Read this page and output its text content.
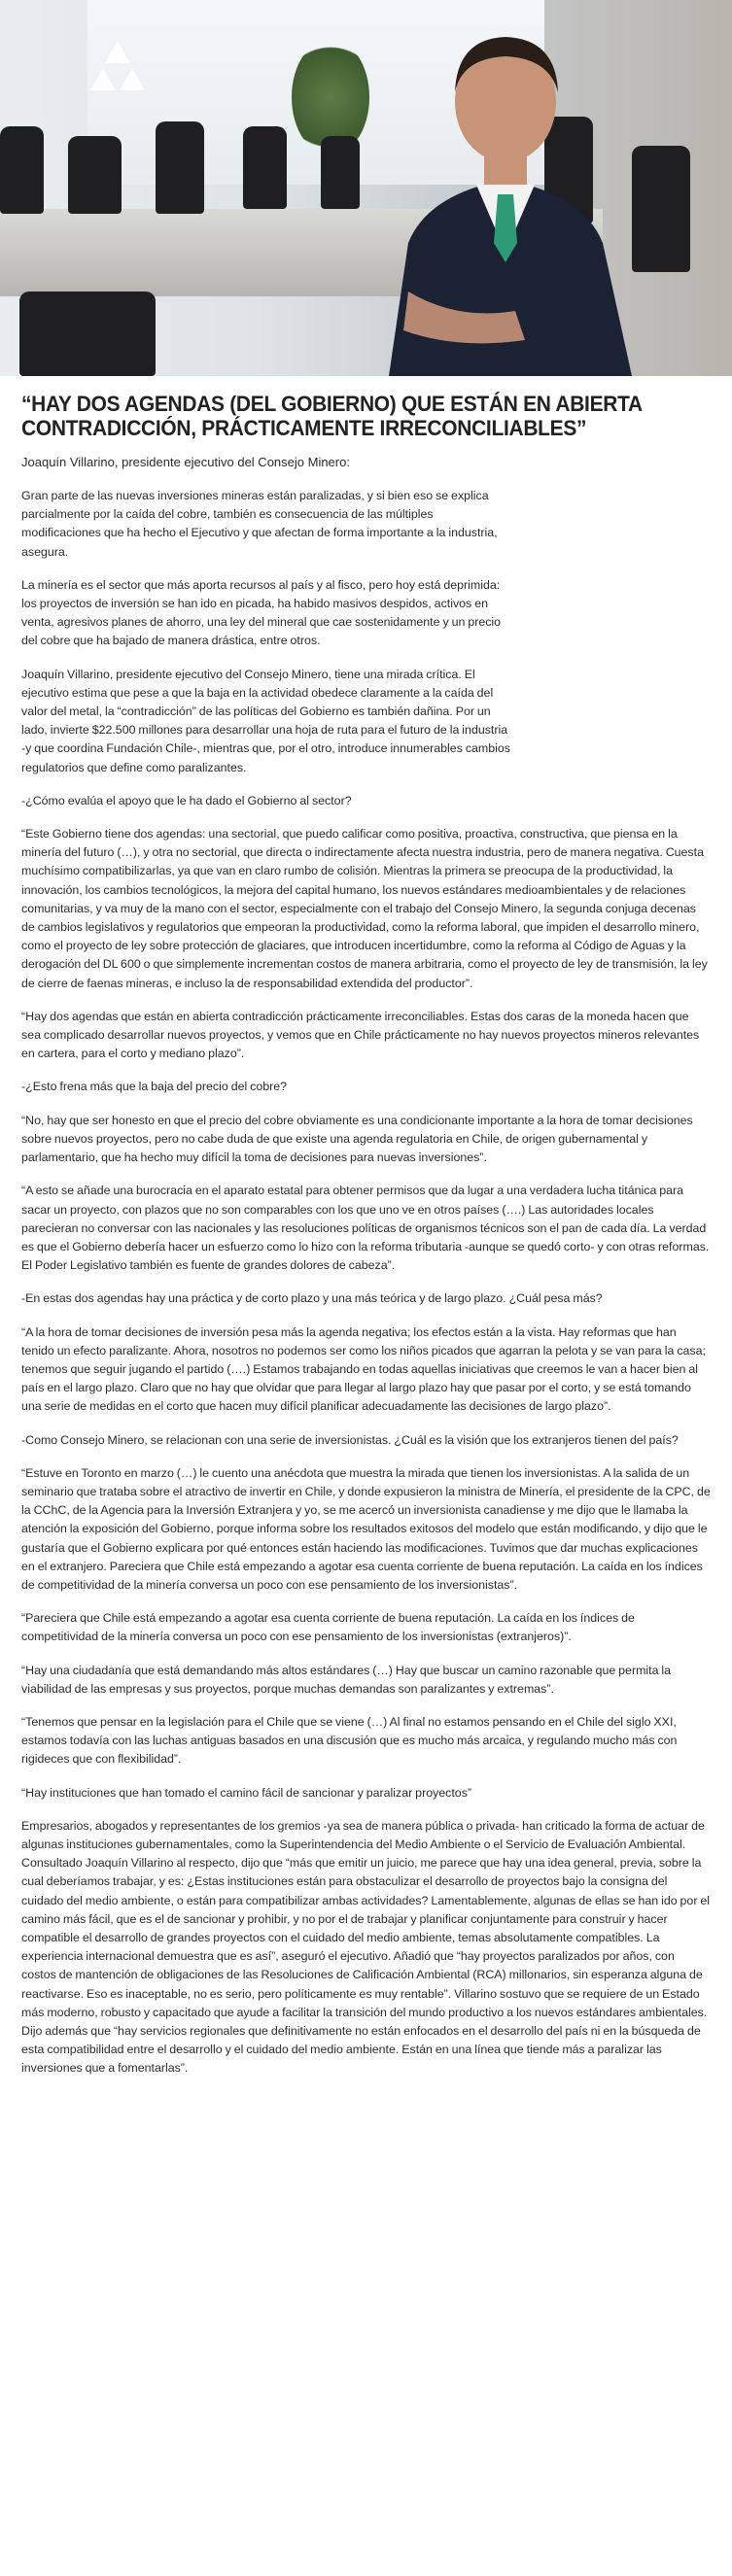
“HAY DOS AGENDAS (DEL GOBIERNO) QUE ESTÁN EN ABIERTA CONTRADICCIÓN, PRÁCTICAMENTE IRRECONCILIABLES”
Joaquín Villarino, presidente ejecutivo del Consejo Minero:

Gran parte de las nuevas inversiones mineras están paralizadas, y si bien eso se explica parcialmente por la caída del cobre, también es consecuencia de las múltiples modificaciones que ha hecho el Ejecutivo y que afectan de forma importante a la industria, asegura.

La minería es el sector que más aporta recursos al país y al fisco, pero hoy está deprimida: los proyectos de inversión se han ido en picada, ha habido masivos despidos, activos en venta, agresivos planes de ahorro, una ley del mineral que cae sostenidamente y un precio del cobre que ha bajado de manera drástica, entre otros.

Joaquín Villarino, presidente ejecutivo del Consejo Minero, tiene una mirada crítica. El ejecutivo estima que pese a que la baja en la actividad obedece claramente a la caída del valor del metal, la “contradicción” de las políticas del Gobierno es también dañina. Por un lado, invierte $22.500 millones para desarrollar una hoja de ruta para el futuro de la industria -y que coordina Fundación Chile-, mientras que, por el otro, introduce innumerables cambios regulatorios que define como paralizantes.

-¿Cómo evalúa el apoyo que le ha dado el Gobierno al sector?

“Este Gobierno tiene dos agendas: una sectorial, que puedo calificar como positiva, proactiva, constructiva, que piensa en la minería del futuro (…), y otra no sectorial, que directa o indirectamente afecta nuestra industria, pero de manera negativa. Cuesta muchísimo compatibilizarlas, ya que van en claro rumbo de colisión. Mientras la primera se preocupa de la productividad, la innovación, los cambios tecnológicos, la mejora del capital humano, los nuevos estándares medioambientales y de relaciones comunitarias, y va muy de la mano con el sector, especialmente con el trabajo del Consejo Minero, la segunda conjuga decenas de cambios legislativos y regulatorios que empeoran la productividad, como la reforma laboral, que impiden el desarrollo minero, como el proyecto de ley sobre protección de glaciares, que introducen incertidumbre, como la reforma al Código de Aguas y la derogación del DL 600 o que simplemente incrementan costos de manera arbitraria, como el proyecto de ley de transmisión, la ley de cierre de faenas mineras, e incluso la de responsabilidad extendida del productor”.

“Hay dos agendas que están en abierta contradicción prácticamente irreconciliables. Estas dos caras de la moneda hacen que sea complicado desarrollar nuevos proyectos, y vemos que en Chile prácticamente no hay nuevos proyectos mineros relevantes en cartera, para el corto y mediano plazo”.

-¿Esto frena más que la baja del precio del cobre?

“No, hay que ser honesto en que el precio del cobre obviamente es una condicionante importante a la hora de tomar decisiones sobre nuevos proyectos, pero no cabe duda de que existe una agenda regulatoria en Chile, de origen gubernamental y parlamentario, que ha hecho muy difícil la toma de decisiones para nuevas inversiones”.

“A esto se añade una burocracia en el aparato estatal para obtener permisos que da lugar a una verdadera lucha titánica para sacar un proyecto, con plazos que no son comparables con los que uno ve en otros países (….) Las autoridades locales parecieran no conversar con las nacionales y las resoluciones políticas de organismos técnicos son el pan de cada día. La verdad es que el Gobierno debería hacer un esfuerzo como lo hizo con la reforma tributaria -aunque se quedó corto- y con otras reformas. El Poder Legislativo también es fuente de grandes dolores de cabeza”.

-En estas dos agendas hay una práctica y de corto plazo y una más teórica y de largo plazo. ¿Cuál pesa más?

“A la hora de tomar decisiones de inversión pesa más la agenda negativa; los efectos están a la vista. Hay reformas que han tenido un efecto paralizante. Ahora, nosotros no podemos ser como los niños picados que agarran la pelota y se van para la casa; tenemos que seguir jugando el partido (….) Estamos trabajando en todas aquellas iniciativas que creemos le van a hacer bien al país en el largo plazo. Claro que no hay que olvidar que para llegar al largo plazo hay que pasar por el corto, y se está tomando una serie de medidas en el corto que hacen muy difícil planificar adecuadamente las decisiones de largo plazo”.

-Como Consejo Minero, se relacionan con una serie de inversionistas. ¿Cuál es la visión que los extranjeros tienen del país?

“Estuve en Toronto en marzo (…) le cuento una anécdota que muestra la mirada que tienen los inversionistas. A la salida de un seminario que trataba sobre el atractivo de invertir en Chile, y donde expusieron la ministra de Minería, el presidente de la CPC, de la CChC, de la Agencia para la Inversión Extranjera y yo, se me acercó un inversionista canadiense y me dijo que le llamaba la atención la exposición del Gobierno, porque informa sobre los resultados exitosos del modelo que están modificando, y dijo que le gustaría que el Gobierno explicara por qué entonces están haciendo las modificaciones. Tuvimos que dar muchas explicaciones en el extranjero. Pareciera que Chile está empezando a agotar esa cuenta corriente de buena reputación. La caída en los índices de competitividad de la minería conversa un poco con ese pensamiento de los inversionistas”.

“Pareciera que Chile está empezando a agotar esa cuenta corriente de buena reputación. La caída en los índices de competitividad de la minería conversa un poco con ese pensamiento de los inversionistas (extranjeros)”.

“Hay una ciudadanía que está demandando más altos estándares (…) Hay que buscar un camino razonable que permita la viabilidad de las empresas y sus proyectos, porque muchas demandas son paralizantes y extremas”.

“Tenemos que pensar en la legislación para el Chile que se viene (…) Al final no estamos pensando en el Chile del siglo XXI, estamos todavía con las luchas antiguas basados en una discusión que es mucho más arcaica, y regulando mucho más con rigideces que con flexibilidad”.

“Hay instituciones que han tomado el camino fácil de sancionar y paralizar proyectos”

Empresarios, abogados y representantes de los gremios -ya sea de manera pública o privada- han criticado la forma de actuar de algunas instituciones gubernamentales, como la Superintendencia del Medio Ambiente o el Servicio de Evaluación Ambiental. Consultado Joaquín Villarino al respecto, dijo que “más que emitir un juicio, me parece que hay una idea general, previa, sobre la cual deberíamos trabajar, y es: ¿Estas instituciones están para obstaculizar el desarrollo de proyectos bajo la consigna del cuidado del medio ambiente, o están para compatibilizar ambas actividades? Lamentablemente, algunas de ellas se han ido por el camino más fácil, que es el de sancionar y prohibir, y no por el de trabajar y planificar conjuntamente para construir y hacer compatible el desarrollo de grandes proyectos con el cuidado del medio ambiente, temas absolutamente compatibles. La experiencia internacional demuestra que es así”, aseguró el ejecutivo. Añadió que “hay proyectos paralizados por años, con costos de mantención de obligaciones de las Resoluciones de Calificación Ambiental (RCA) millonarios, sin esperanza alguna de reactivarse. Eso es inaceptable, no es serio, pero políticamente es muy rentable”. Villarino sostuvo que se requiere de un Estado más moderno, robusto y capacitado que ayude a facilitar la transición del mundo productivo a los nuevos estándares ambientales. Dijo además que “hay servicios regionales que definitivamente no están enfocados en el desarrollo del país ni en la búsqueda de esta compatibilidad entre el desarrollo y el cuidado del medio ambiente. Están en una línea que tiende más a paralizar las inversiones que a fomentarlas”.
